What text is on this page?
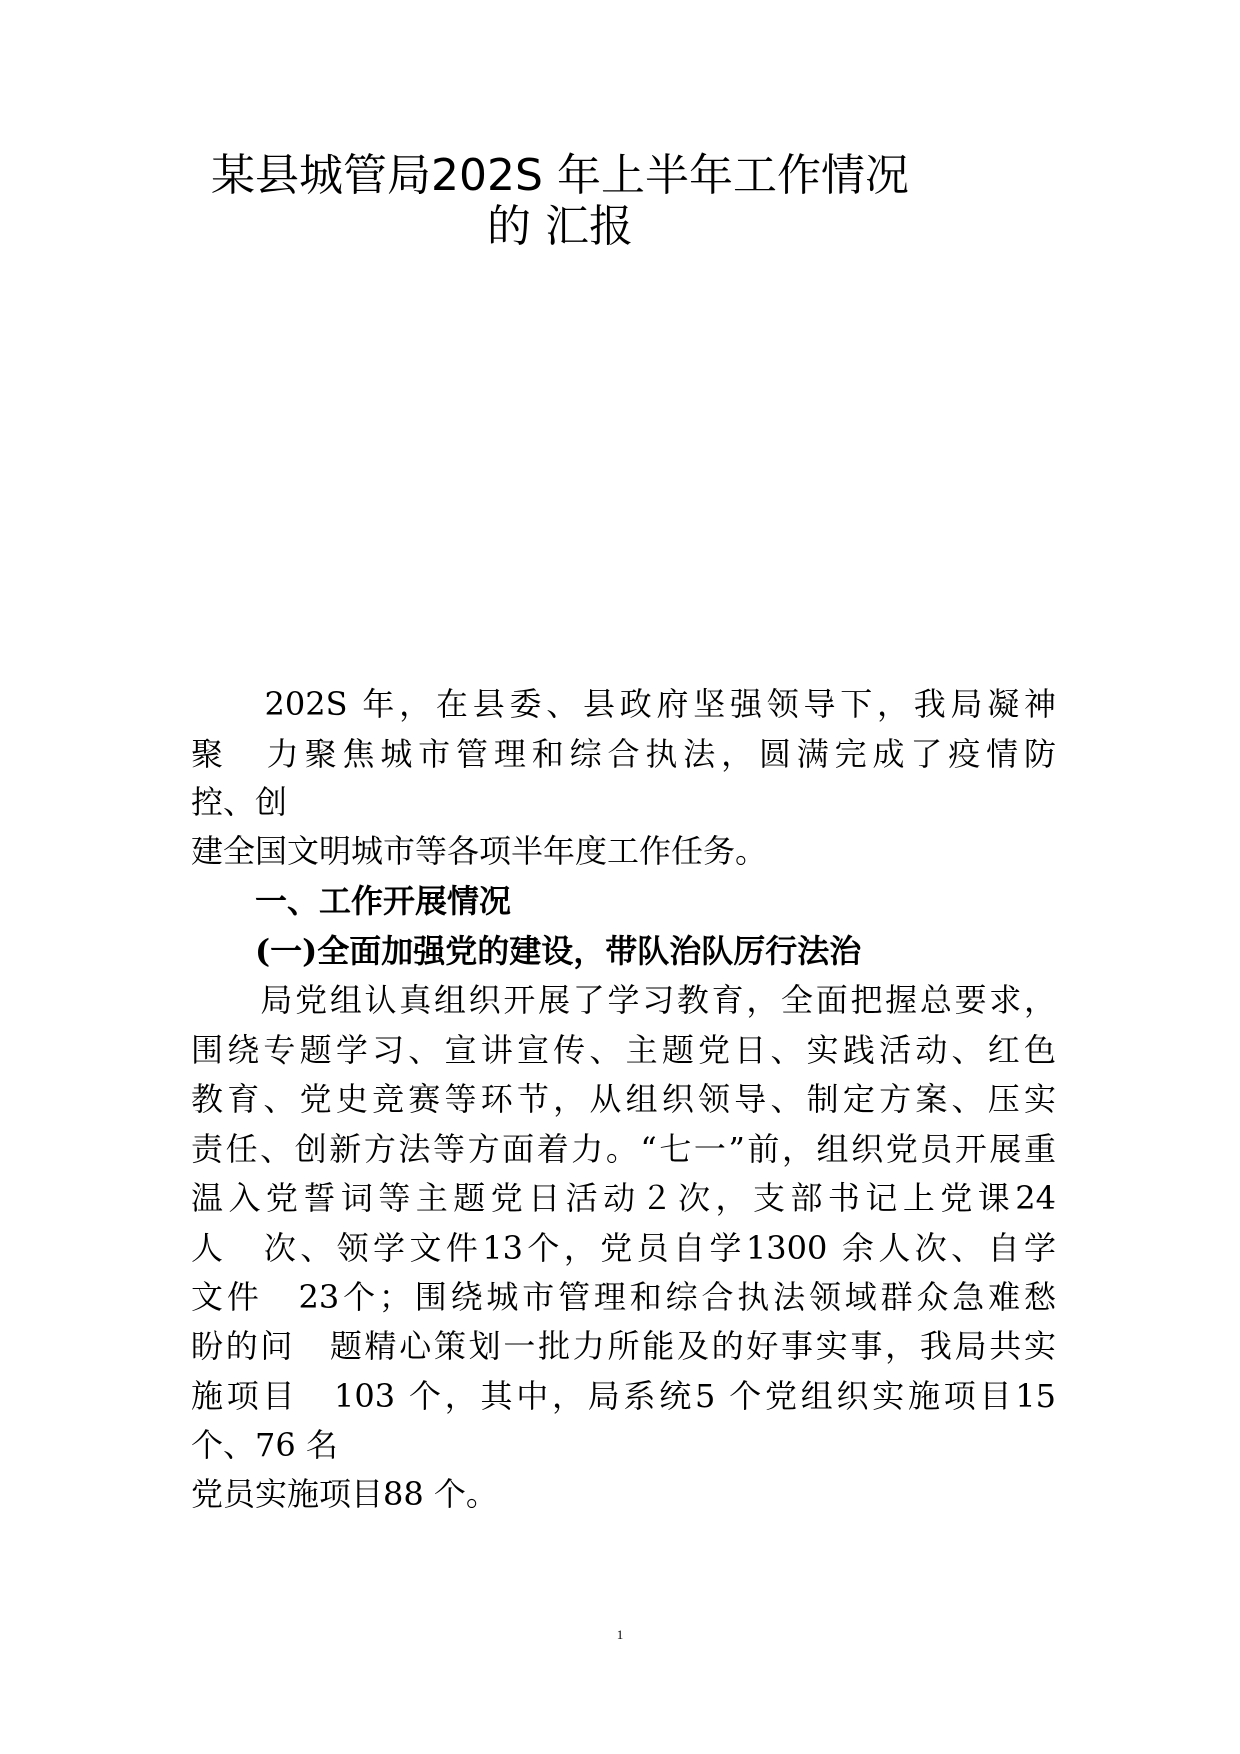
某县城管局202S 年上半年工作情况
的 汇报
　　202S 年，在县委、县政府坚强领导下，我局凝神
聚　力聚焦城市管理和综合执法，圆满完成了疫情防
控、创
建全国文明城市等各项半年度工作任务。
　　一、工作开展情况
　　(一)全面加强党的建设，带队治队厉行法治
　　局党组认真组织开展了学习教育，全面把握总要求，
围绕专题学习、宣讲宣传、主题党日、实践活动、红色
教育、党史竞赛等环节，从组织领导、制定方案、压实
责任、创新方法等方面着力。“七一”前，组织党员开展重
温入党誓词等主题党日活动２次，支部书记上党课24
人　次、领学文件13个，党员自学1300 余人次、自学
文件　23个；围绕城市管理和综合执法领域群众急难愁
盼的问　题精心策划一批力所能及的好事实事，我局共实
施项目　103 个，其中，局系统5 个党组织实施项目15
个、76 名
党员实施项目88 个。
1
